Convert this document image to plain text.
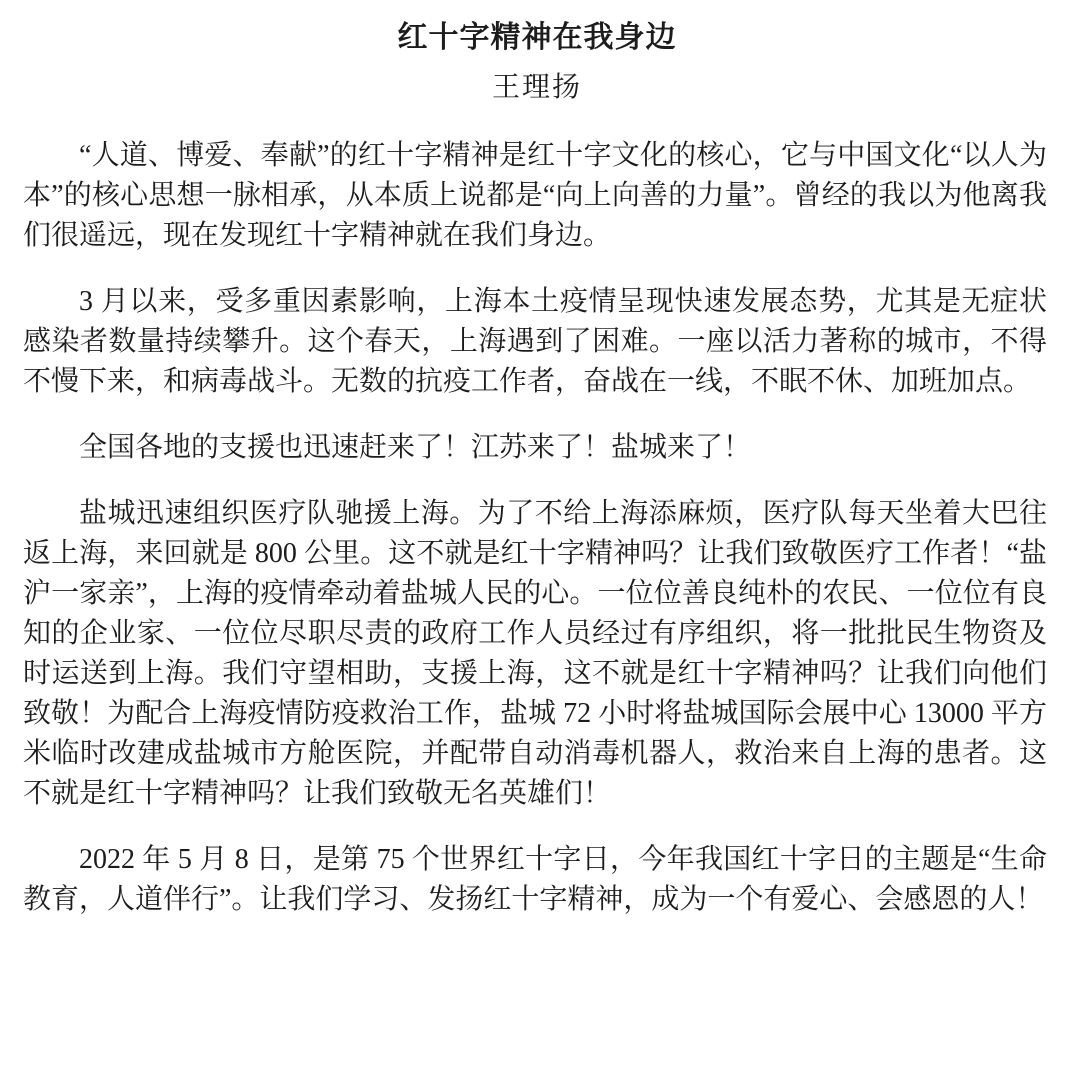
红十字精神在我身边
王理扬

“人道、博爱、奉献”的红十字精神是红十字文化的核心，它与中国文化“以人为本”的核心思想一脉相承，从本质上说都是“向上向善的力量”。曾经的我以为他离我们很遥远，现在发现红十字精神就在我们身边。

3 月以来，受多重因素影响，上海本土疫情呈现快速发展态势，尤其是无症状感染者数量持续攀升。这个春天，上海遇到了困难。一座以活力著称的城市，不得不慢下来，和病毒战斗。无数的抗疫工作者，奋战在一线，不眠不休、加班加点。

全国各地的支援也迅速赶来了！江苏来了！盐城来了！

盐城迅速组织医疗队驰援上海。为了不给上海添麻烦，医疗队每天坐着大巴往返上海，来回就是 800 公里。这不就是红十字精神吗？让我们致敬医疗工作者！“盐沪一家亲”，上海的疫情牵动着盐城人民的心。一位位善良纯朴的农民、一位位有良知的企业家、一位位尽职尽责的政府工作人员经过有序组织，将一批批民生物资及时运送到上海。我们守望相助，支援上海，这不就是红十字精神吗？让我们向他们致敬！为配合上海疫情防疫救治工作，盐城 72 小时将盐城国际会展中心 13000 平方米临时改建成盐城市方舱医院，并配带自动消毒机器人，救治来自上海的患者。这不就是红十字精神吗？让我们致敬无名英雄们！

2022 年 5 月 8 日，是第 75 个世界红十字日，今年我国红十字日的主题是“生命教育，人道伴行”。让我们学习、发扬红十字精神，成为一个有爱心、会感恩的人！
